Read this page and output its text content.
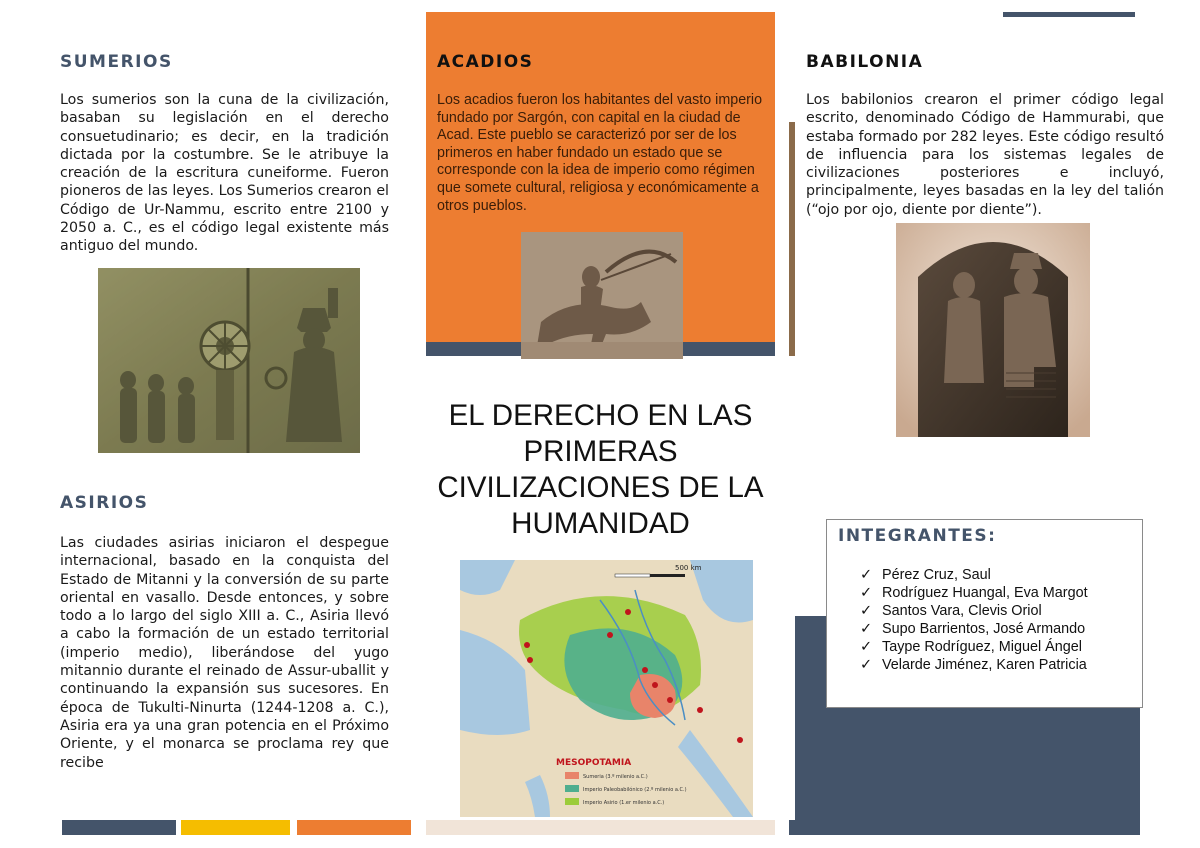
SUMERIOS
Los sumerios son la cuna de la civilización, basaban su legislación en el derecho consuetudinario; es decir, en la tradición dictada por la costumbre. Se le atribuye la creación de la escritura cuneiforme. Fueron pioneros de las leyes. Los Sumerios crearon el Código de Ur-Nammu, escrito entre 2100 y 2050 a. C., es el código legal existente más antiguo del mundo.
ASIRIOS
Las ciudades asirias iniciaron el despegue internacional, basado en la conquista del Estado de Mitanni y la conversión de su parte oriental en vasallo. Desde entonces, y sobre todo a lo largo del siglo XIII a. C., Asiria llevó a cabo la formación de un estado territorial (imperio medio), liberándose del yugo mitannio durante el reinado de Assur-uballit y continuando la expansión sus sucesores. En época de Tukulti-Ninurta (1244-1208 a. C.), Asiria era ya una gran potencia en el Próximo Oriente, y el monarca se proclama rey que recibe
ACADIOS
Los acadios fueron los habitantes del vasto imperio fundado por Sargón, con capital en la ciudad de Acad. Este pueblo se caracterizó por ser de los primeros en haber fundado un estado que se corresponde con la idea de imperio como régimen que somete cultural, religiosa y económicamente a otros pueblos.
EL DERECHO EN LAS PRIMERAS CIVILIZACIONES DE LA HUMANIDAD
500 km
MESOPOTAMIA
Sumeria (3.º milenio a.C.)
Imperio Paleobabilónico (2.º milenio a.C.)
Imperio Asirio (1.er milenio a.C.)
BABILONIA
Los babilonios crearon el primer código legal escrito, denominado Código de Hammurabi, que estaba formado por 282 leyes. Este código resultó de influencia para los sistemas legales de civilizaciones posteriores e incluyó, principalmente, leyes basadas en la ley del talión (“ojo por ojo, diente por diente”).
INTEGRANTES:
✓ Pérez Cruz, Saul
✓ Rodríguez Huangal, Eva Margot
✓ Santos Vara, Clevis Oriol
✓ Supo Barrientos, José Armando
✓ Taype Rodríguez, Miguel Ángel
✓ Velarde Jiménez, Karen Patricia
